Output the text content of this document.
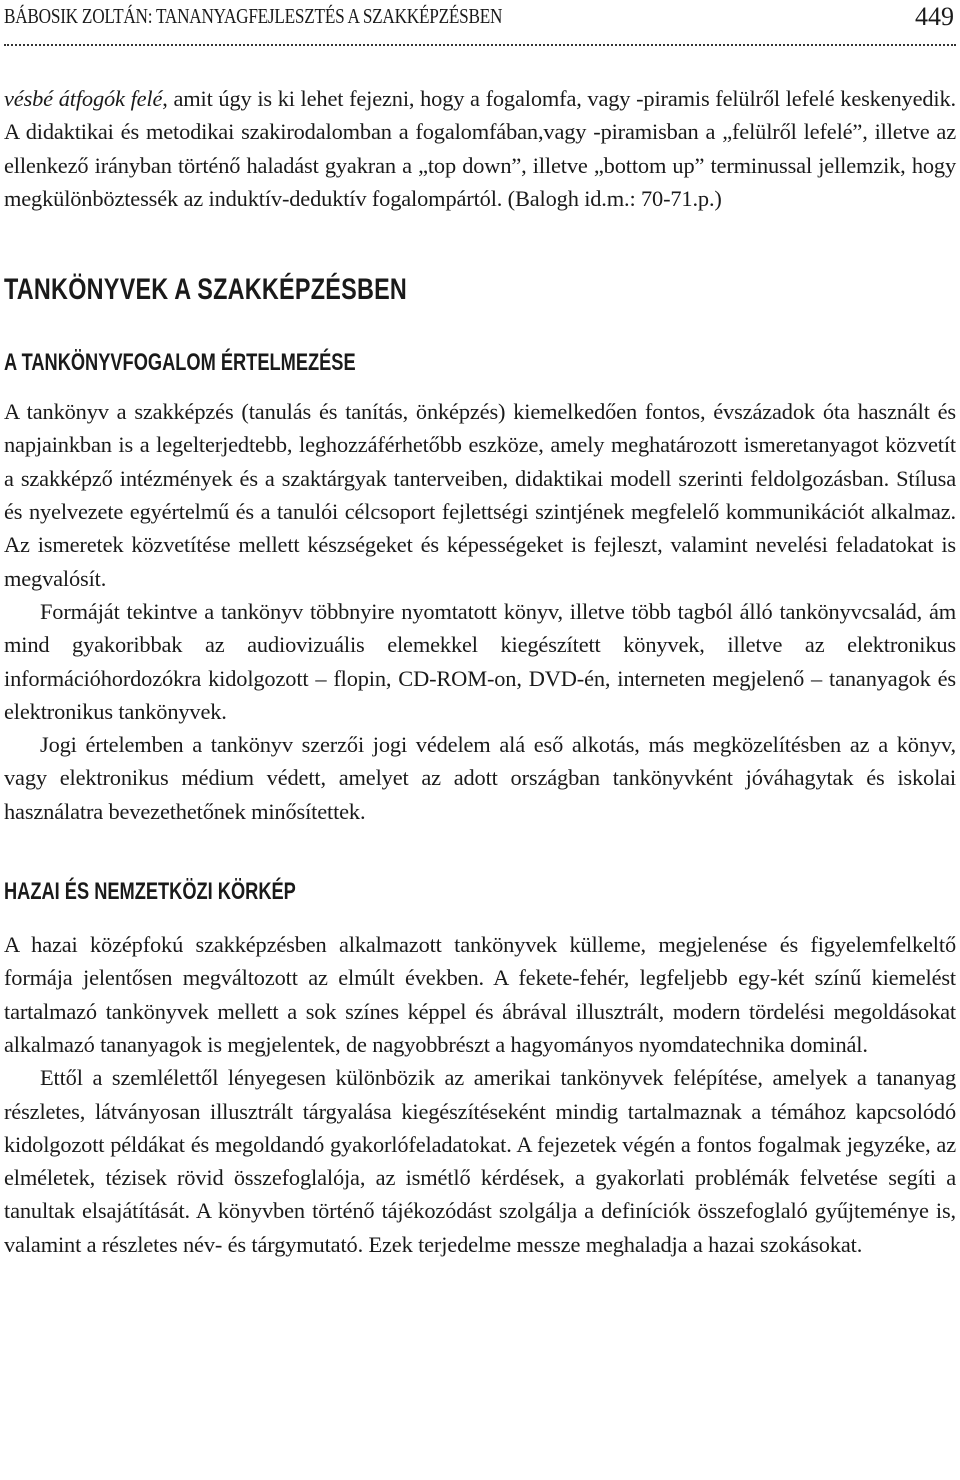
BÁBOSIK ZOLTÁN: TANANYAGFEJLESZTÉS A SZAKKÉPZÉSBEN	449

vésbé átfogók felé, amit úgy is ki lehet fejezni, hogy a fogalomfa, vagy -piramis felülről lefelé keskenyedik. A didaktikai és metodikai szakirodalomban a fogalomfában,vagy -piramisban a „felülről lefelé”, illetve az ellenkező irányban történő haladást gyakran a „top down”, illetve „bottom up” terminussal jellemzik, hogy megkülönböztessék az induktív-deduktív fogalompártól. (Balogh id.m.: 70-71.p.)

TANKÖNYVEK A SZAKKÉPZÉSBEN
A TANKÖNYVFOGALOM ÉRTELMEZÉSE

A tankönyv a szakképzés (tanulás és tanítás, önképzés) kiemelkedően fontos, évszázadok óta használt és napjainkban is a legelterjedtebb, leghozzáférhetőbb eszköze, amely meghatározott ismeretanyagot közvetít a szakképző intézmények és a szaktárgyak tanterveiben, didaktikai modell szerinti feldolgozásban. Stílusa és nyelvezete egyértelmű és a tanulói célcsoport fejlettségi szintjének megfelelő kommunikációt alkalmaz. Az ismeretek közvetítése mellett készségeket és képességeket is fejleszt, valamint nevelési feladatokat is megvalósít.

Formáját tekintve a tankönyv többnyire nyomtatott könyv, illetve több tagból álló tankönyvcsalád, ám mind gyakoribbak az audiovizuális elemekkel kiegészített könyvek, illetve az elektronikus információhordozókra kidolgozott – flopin, CD-ROM-on, DVD-én, interneten megjelenő – tananyagok és elektronikus tankönyvek.

Jogi értelemben a tankönyv szerzői jogi védelem alá eső alkotás, más megközelítésben az a könyv, vagy elektronikus médium védett, amelyet az adott országban tankönyvként jóváhagytak és iskolai használatra bevezethetőnek minősítettek.

HAZAI ÉS NEMZETKÖZI KÖRKÉP

A hazai középfokú szakképzésben alkalmazott tankönyvek külleme, megjelenése és figyelemfelkeltő formája jelentősen megváltozott az elmúlt években. A fekete-fehér, legfeljebb egy-két színű kiemelést tartalmazó tankönyvek mellett a sok színes képpel és ábrával illusztrált, modern tördelési megoldásokat alkalmazó tananyagok is megjelentek, de nagyobbrészt a hagyományos nyomdatechnika dominál.

Ettől a szemlélettől lényegesen különbözik az amerikai tankönyvek felépítése, amelyek a tananyag részletes, látványosan illusztrált tárgyalása kiegészítéseként mindig tartalmaznak a témához kapcsolódó kidolgozott példákat és megoldandó gyakorlófeladatokat. A fejezetek végén a fontos fogalmak jegyzéke, az elméletek, tézisek rövid összefoglalója, az ismétlő kérdések, a gyakorlati problémák felvetése segíti a tanultak elsajátítását. A könyvben történő tájékozódást szolgálja a definíciók összefoglaló gyűjteménye is, valamint a részletes név- és tárgymutató. Ezek terjedelme messze meghaladja a hazai szokásokat.
